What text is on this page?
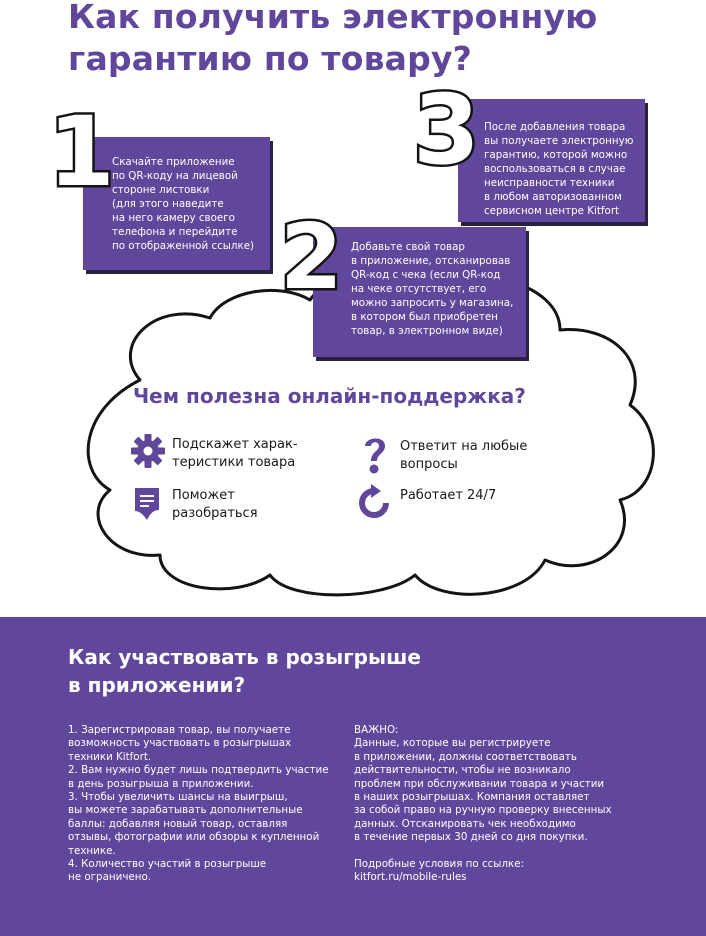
Как получить электронную
гарантию по товару?
Скачайте приложение
по QR-коду на лицевой
стороне листовки
(для этого наведите
на него камеру своего
телефона и перейдите
по отображенной ссылке)
После добавления товара
вы получаете электронную
гарантию, которой можно
воспользоваться в случае
неисправности техники
в любом авторизованном
сервисном центре Kitfort
Добавьте свой товар
в приложение, отсканировав
QR-код с чека (если QR-код
на чеке отсутствует, его
можно запросить у магазина,
в котором был приобретен
товар, в электронном виде)
1
2
3
Чем полезна онлайн-поддержка?
Подскажет харак-
теристики товара
Ответит на любые
вопросы
Поможет
разобраться
Работает 24/7
Как участвовать в розыгрыше
в приложении?
1. Зарегистрировав товар, вы получаете
возможность участвовать в розыгрышах
техники Kitfort.
2. Вам нужно будет лишь подтвердить участие
в день розыгрыша в приложении.
3. Чтобы увеличить шансы на выигрыш,
вы можете зарабатывать дополнительные
баллы: добавляя новый товар, оставляя
отзывы, фотографии или обзоры к купленной
технике.
4. Количество участий в розыгрыше
не ограничено.
ВАЖНО:
Данные, которые вы регистрируете
в приложении, должны соответствовать
действительности, чтобы не возникало
проблем при обслуживании товара и участии
в наших розыгрышах. Компания оставляет
за собой право на ручную проверку внесенных
данных. Отсканировать чек необходимо
в течение первых 30 дней со дня покупки.

Подробные условия по ссылке:
kitfort.ru/mobile-rules
